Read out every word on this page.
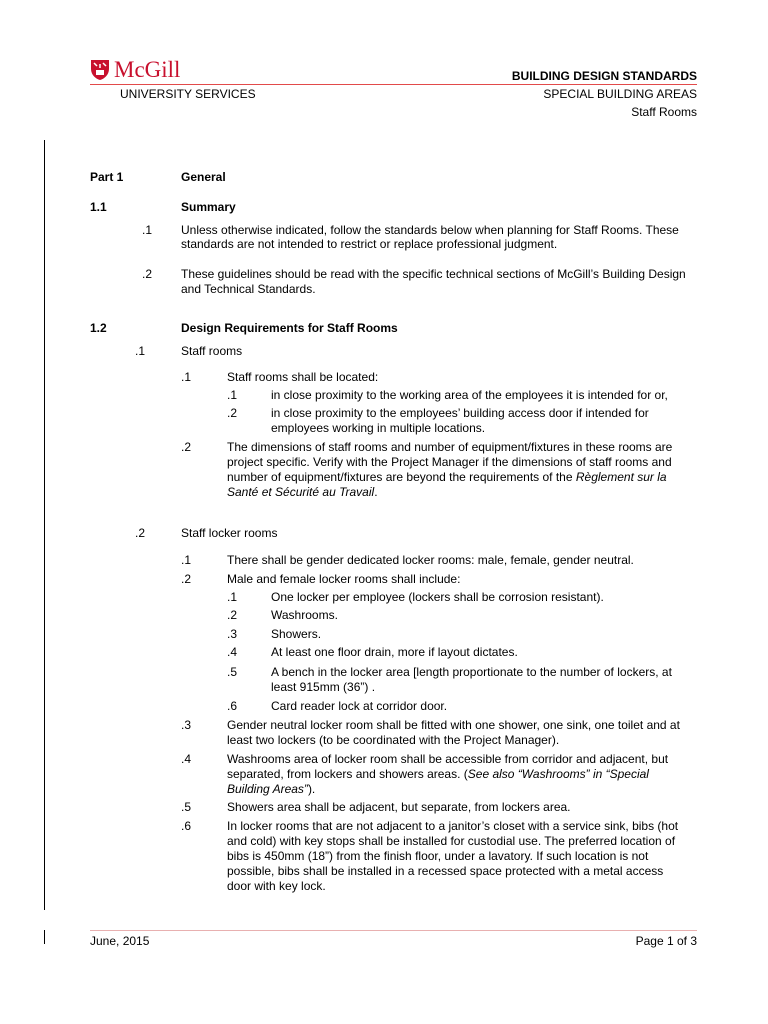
McGill	BUILDING DESIGN STANDARDS
UNIVERSITY SERVICES	SPECIAL BUILDING AREAS
Staff Rooms
Part 1	General
1.1	Summary
.1 Unless otherwise indicated, follow the standards below when planning for Staff Rooms. These
standards are not intended to restrict or replace professional judgment.
.2 These guidelines should be read with the specific technical sections of McGill’s Building Design
and Technical Standards.
1.2	Design Requirements for Staff Rooms
.1	Staff rooms
.1	Staff rooms shall be located:
.1	in close proximity to the working area of the employees it is intended for or,
.2	in close proximity to the employees’ building access door if intended for
employees working in multiple locations.
.2	The dimensions of staff rooms and number of equipment/fixtures in these rooms are
project specific. Verify with the Project Manager if the dimensions of staff rooms and
number of equipment/fixtures are beyond the requirements of the Règlement sur la
Santé et Sécurité au Travail.
.2	Staff locker rooms
.1	There shall be gender dedicated locker rooms: male, female, gender neutral.
.2	Male and female locker rooms shall include:
.1	One locker per employee (lockers shall be corrosion resistant).
.2	Washrooms.
.3	Showers.
.4	At least one floor drain, more if layout dictates.
.5	A bench in the locker area [length proportionate to the number of lockers, at
least 915mm (36”) .
.6	Card reader lock at corridor door.
.3	Gender neutral locker room shall be fitted with one shower, one sink, one toilet and at
least two lockers (to be coordinated with the Project Manager).
.4	Washrooms area of locker room shall be accessible from corridor and adjacent, but
separated, from lockers and showers areas. (See also “Washrooms” in “Special
Building Areas”).
.5	Showers area shall be adjacent, but separate, from lockers area.
.6	In locker rooms that are not adjacent to a janitor’s closet with a service sink, bibs (hot
and cold) with key stops shall be installed for custodial use. The preferred location of
bibs is 450mm (18”) from the finish floor, under a lavatory. If such location is not
possible, bibs shall be installed in a recessed space protected with a metal access
door with key lock.
June, 2015	Page 1 of 3
